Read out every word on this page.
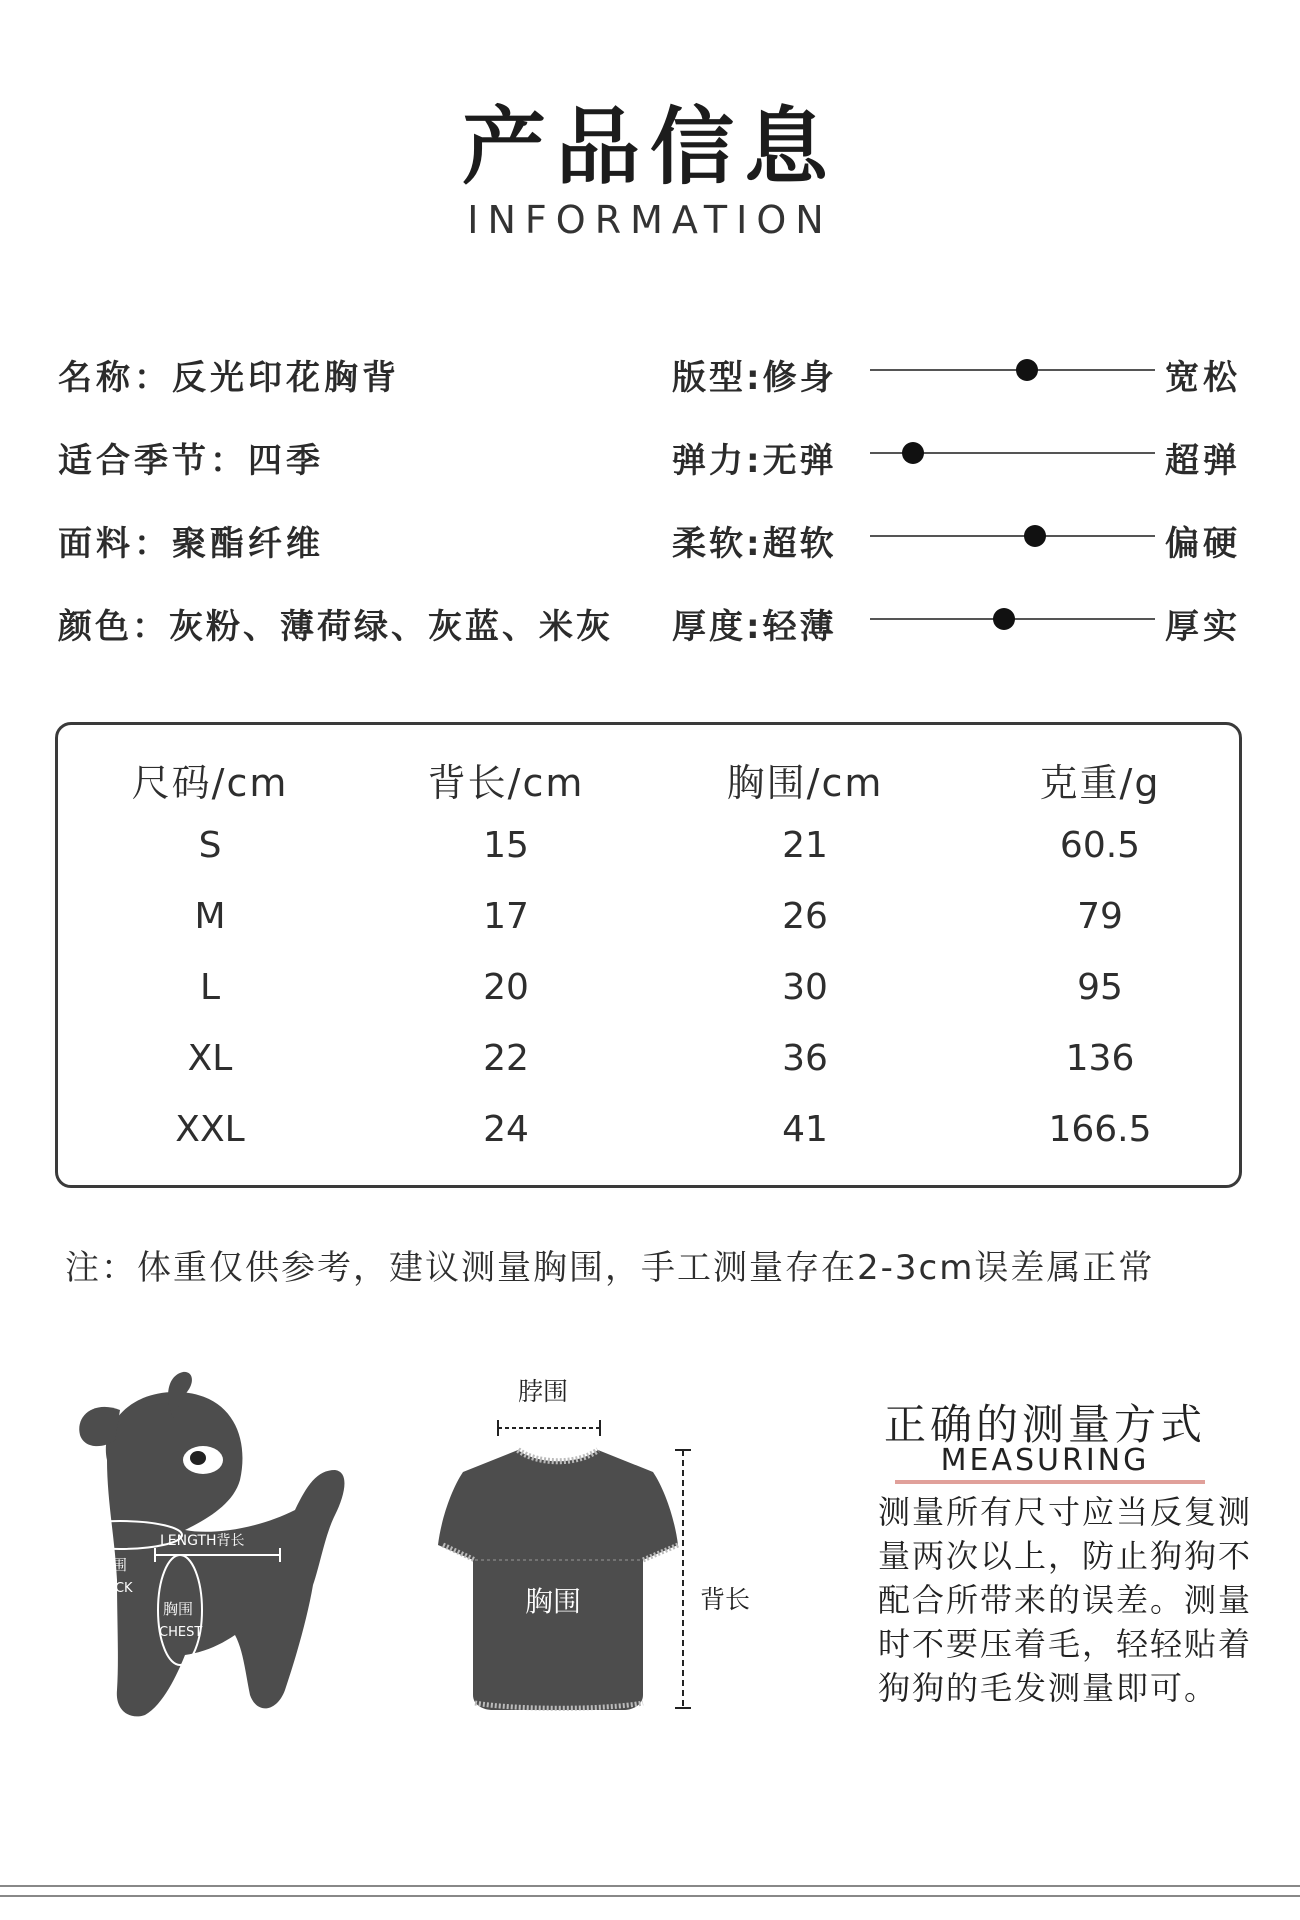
产品信息
INFORMATION
名称：反光印花胸背
适合季节：四季
面料：聚酯纤维
颜色：灰粉、薄荷绿、灰蓝、米灰
版型:修身	宽松
弹力:无弹	超弹
柔软:超软	偏硬
厚度:轻薄	厚实
尺码/cm	背长/cm	胸围/cm	克重/g
S	15	21	60.5
M	17	26	79
L	20	30	95
XL	22	36	136
XXL	24	41	166.5
注：体重仅供参考，建议测量胸围，手工测量存在2-3cm误差属正常
LENGTH背长
脖围
NECK
胸围
CHEST
脖围
胸围	背长
正确的测量方式
MEASURING
测量所有尺寸应当反复测量两次以上，防止狗狗不配合所带来的误差。测量时不要压着毛，轻轻贴着狗狗的毛发测量即可。
